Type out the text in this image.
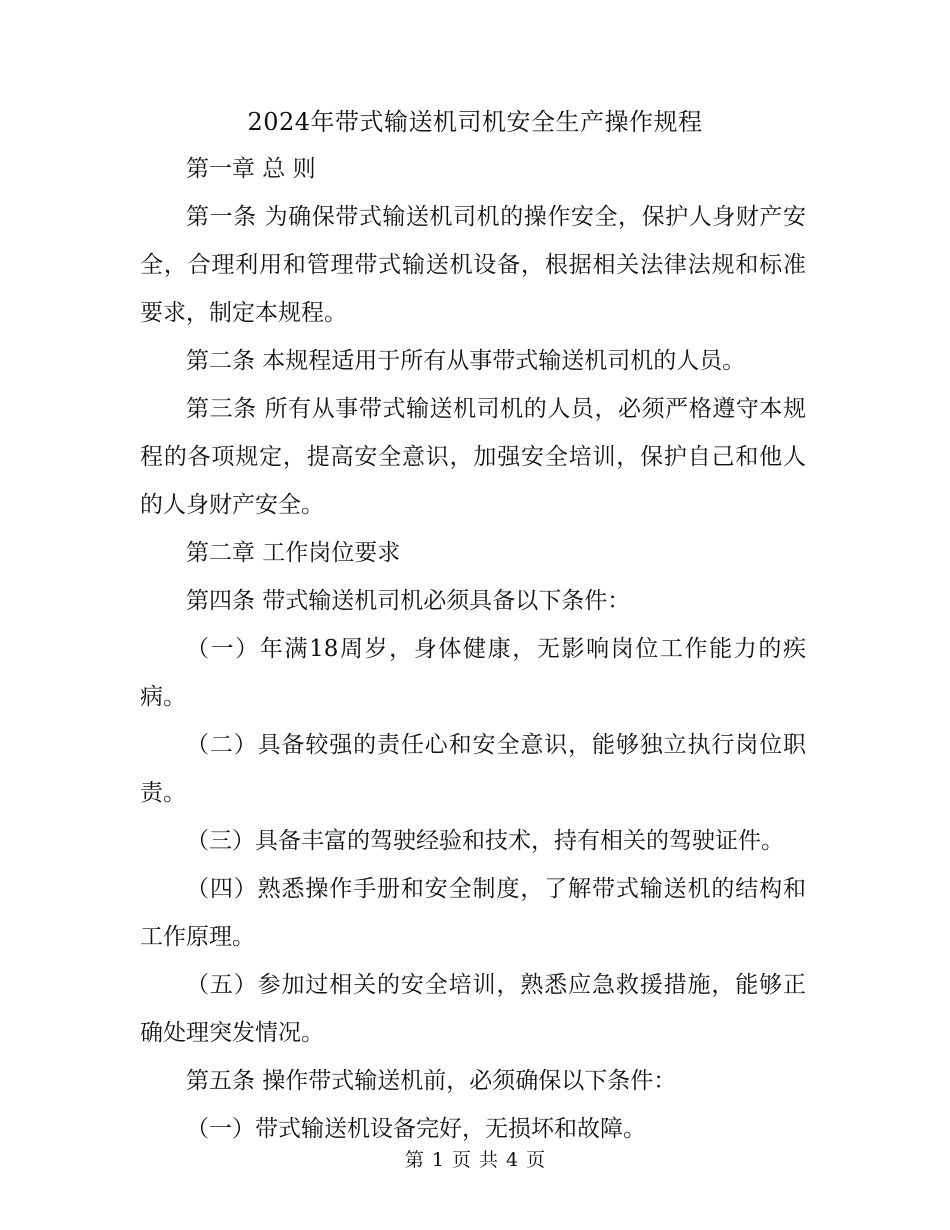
2024年带式输送机司机安全生产操作规程

第一章 总 则

第一条 为确保带式输送机司机的操作安全，保护人身财产安全，合理利用和管理带式输送机设备，根据相关法律法规和标准要求，制定本规程。

第二条 本规程适用于所有从事带式输送机司机的人员。

第三条 所有从事带式输送机司机的人员，必须严格遵守本规程的各项规定，提高安全意识，加强安全培训，保护自己和他人的人身财产安全。

第二章 工作岗位要求

第四条 带式输送机司机必须具备以下条件：

（一）年满18周岁，身体健康，无影响岗位工作能力的疾病。

（二）具备较强的责任心和安全意识，能够独立执行岗位职责。

（三）具备丰富的驾驶经验和技术，持有相关的驾驶证件。

（四）熟悉操作手册和安全制度，了解带式输送机的结构和工作原理。

（五）参加过相关的安全培训，熟悉应急救援措施，能够正确处理突发情况。

第五条 操作带式输送机前，必须确保以下条件：

（一）带式输送机设备完好，无损坏和故障。

第 1 页 共 4 页
